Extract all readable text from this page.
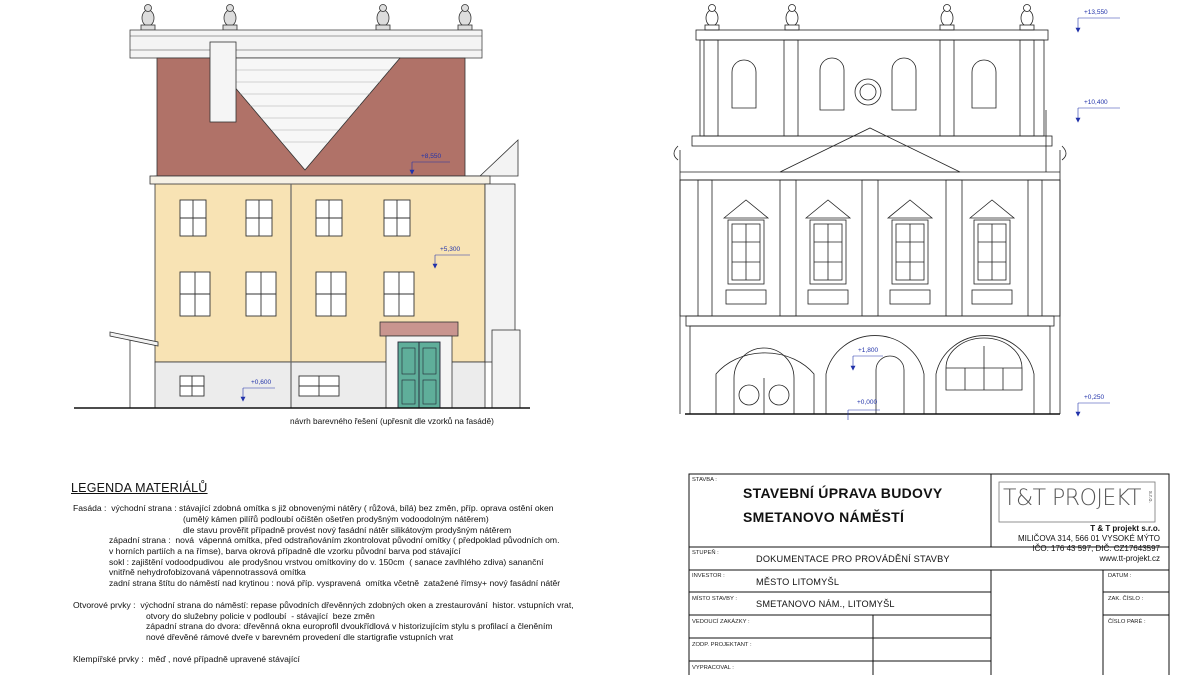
+8,550
+5,300
+0,600
návrh barevného řešení (upřesnit dle vzorků na fasádě)
+13,550
+10,400
+1,800
+0,000
+0,250
LEGENDA MATERIÁLŮ
Fasáda :  východní strana : stávající zdobná omítka s již obnovenými nátěry ( růžová, bílá) bez změn, příp. oprava ostění oken
(umělý kámen pilířů podloubí očištěn ošetřen prodyšným vodoodolným nátěrem)
dle stavu prověřit případně provést nový fasádní nátěr silikátovým prodyšným nátěrem
západní strana :  nová  vápenná omítka, před odstraňováním zkontrolovat původní omítky ( předpoklad původních om.
v horních partiích a na římse), barva okrová případně dle vzorku původní barva pod stávající
sokl : zajištění vodoodpudivou  ale prodyšnou vrstvou omítkoviny do v. 150cm  ( sanace zavlhlého zdiva) sananční
vnitřně nehydrofobizovaná vápennotrassová omítka
zadní strana štítu do náměstí nad krytinou : nová příp. vyspravená  omítka včetně  zatažené římsy+ nový fasádní nátěr
Otvorové prvky :  východní strana do náměstí: repase původních dřevěnných zdobných oken a zrestaurování  histor. vstupních vrat,
otvory do služebny policie v podloubí  - stávající  beze změn
západní strana do dvora: dřevěnná okna europrofil dvoukřídlová v historizujícím stylu s profilací a členěním
nové dřevěné rámové dveře v barevném provedení dle startigrafie vstupních vrat
Klempířské prvky :  měď , nové případně upravené stávající
STAVBA :
STAVEBNÍ ÚPRAVA BUDOVY
SMETANOVO NÁMĚSTÍ
T&T PROJEKT s.r.o.
T & T projekt s.r.o.
MILIČOVA 314, 566 01 VYSOKÉ MÝTO
IČO: 176 43 597, DIČ: CZ17643597
www.tt-projekt.cz
STUPEŇ :
DOKUMENTACE PRO PROVÁDĚNÍ STAVBY
INVESTOR :
MĚSTO LITOMYŠL
MÍSTO STAVBY : SMETANOVO NÁM., LITOMYŠL
VEDOUCÍ ZAKÁZKY :
ZODP. PROJEKTANT :
VYPRACOVAL :
DATUM :
ZAK. ČÍSLO :
ČÍSLO PARÉ :
